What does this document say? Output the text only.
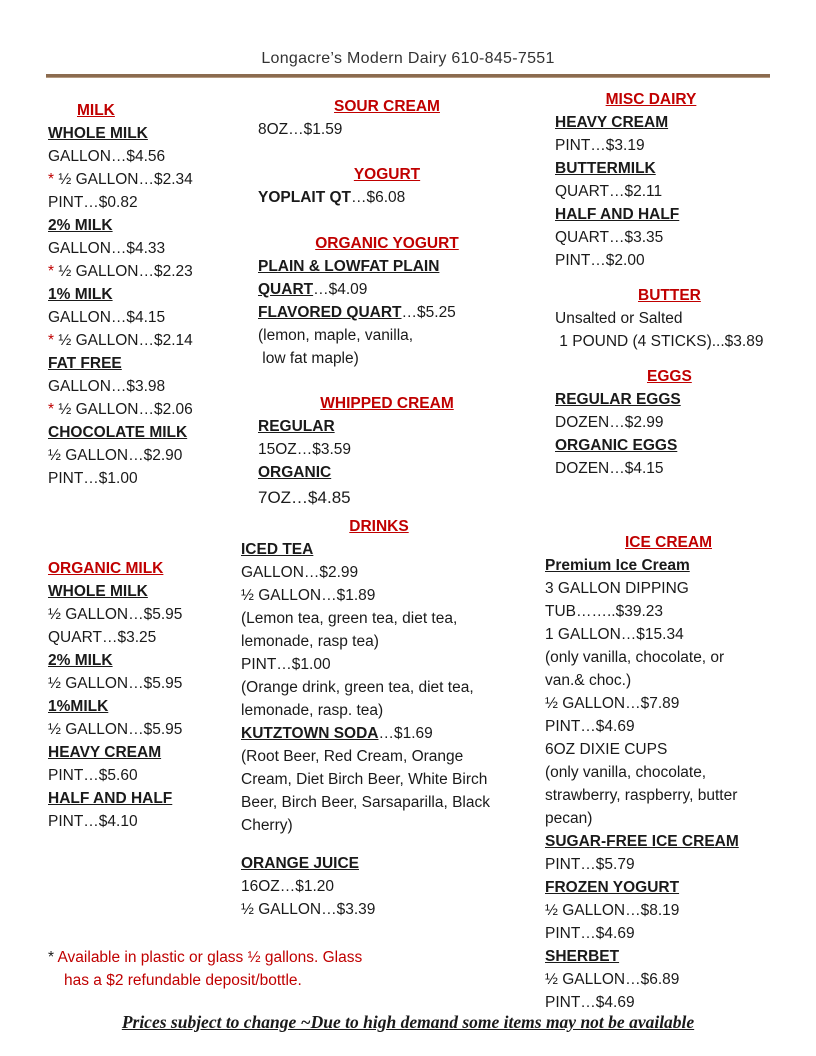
Longacre’s Modern Dairy 610-845-7551
MILK
WHOLE MILK
GALLON…$4.56
* ½ GALLON…$2.34
PINT…$0.82
2% MILK
GALLON…$4.33
* ½ GALLON…$2.23
1% MILK
GALLON…$4.15
* ½ GALLON…$2.14
FAT FREE
GALLON…$3.98
* ½ GALLON…$2.06
CHOCOLATE MILK
½ GALLON…$2.90
PINT…$1.00
ORGANIC MILK
WHOLE MILK
½ GALLON…$5.95
QUART…$3.25
2% MILK
½ GALLON…$5.95
1%MILK
½ GALLON…$5.95
HEAVY CREAM
PINT…$5.60
HALF AND HALF
PINT…$4.10
SOUR CREAM
8OZ…$1.59
YOGURT
YOPLAIT QT…$6.08
ORGANIC YOGURT
PLAIN & LOWFAT PLAIN
QUART…$4.09
FLAVORED QUART…$5.25
(lemon, maple, vanilla,
low fat maple)
WHIPPED CREAM
REGULAR
15OZ…$3.59
ORGANIC
7OZ…$4.85
DRINKS
ICED TEA
GALLON…$2.99
½ GALLON…$1.89
(Lemon tea, green tea, diet tea,
lemonade, rasp tea)
PINT…$1.00
(Orange drink, green tea, diet tea,
lemonade, rasp. tea)
KUTZTOWN SODA…$1.69
(Root Beer, Red Cream, Orange
Cream, Diet Birch Beer, White Birch
Beer, Birch Beer, Sarsaparilla, Black
Cherry)
ORANGE JUICE
16OZ…$1.20
½ GALLON…$3.39
MISC DAIRY
HEAVY CREAM
PINT…$3.19
BUTTERMILK
QUART…$2.11
HALF AND HALF
QUART…$3.35
PINT…$2.00
BUTTER
Unsalted or Salted
1 POUND (4 STICKS)...$3.89
EGGS
REGULAR EGGS
DOZEN…$2.99
ORGANIC EGGS
DOZEN…$4.15
ICE CREAM
Premium Ice Cream
3 GALLON DIPPING
TUB……..$39.23
1 GALLON…$15.34
(only vanilla, chocolate, or
van.& choc.)
½ GALLON…$7.89
PINT…$4.69
6OZ DIXIE CUPS
(only vanilla, chocolate,
strawberry, raspberry, butter
pecan)
SUGAR-FREE ICE CREAM
PINT…$5.79
FROZEN YOGURT
½ GALLON…$8.19
PINT…$4.69
SHERBET
½ GALLON…$6.89
PINT…$4.69
* Available in plastic or glass ½ gallons. Glass
has a $2 refundable deposit/bottle.
Prices subject to change ~Due to high demand some items may not be available
